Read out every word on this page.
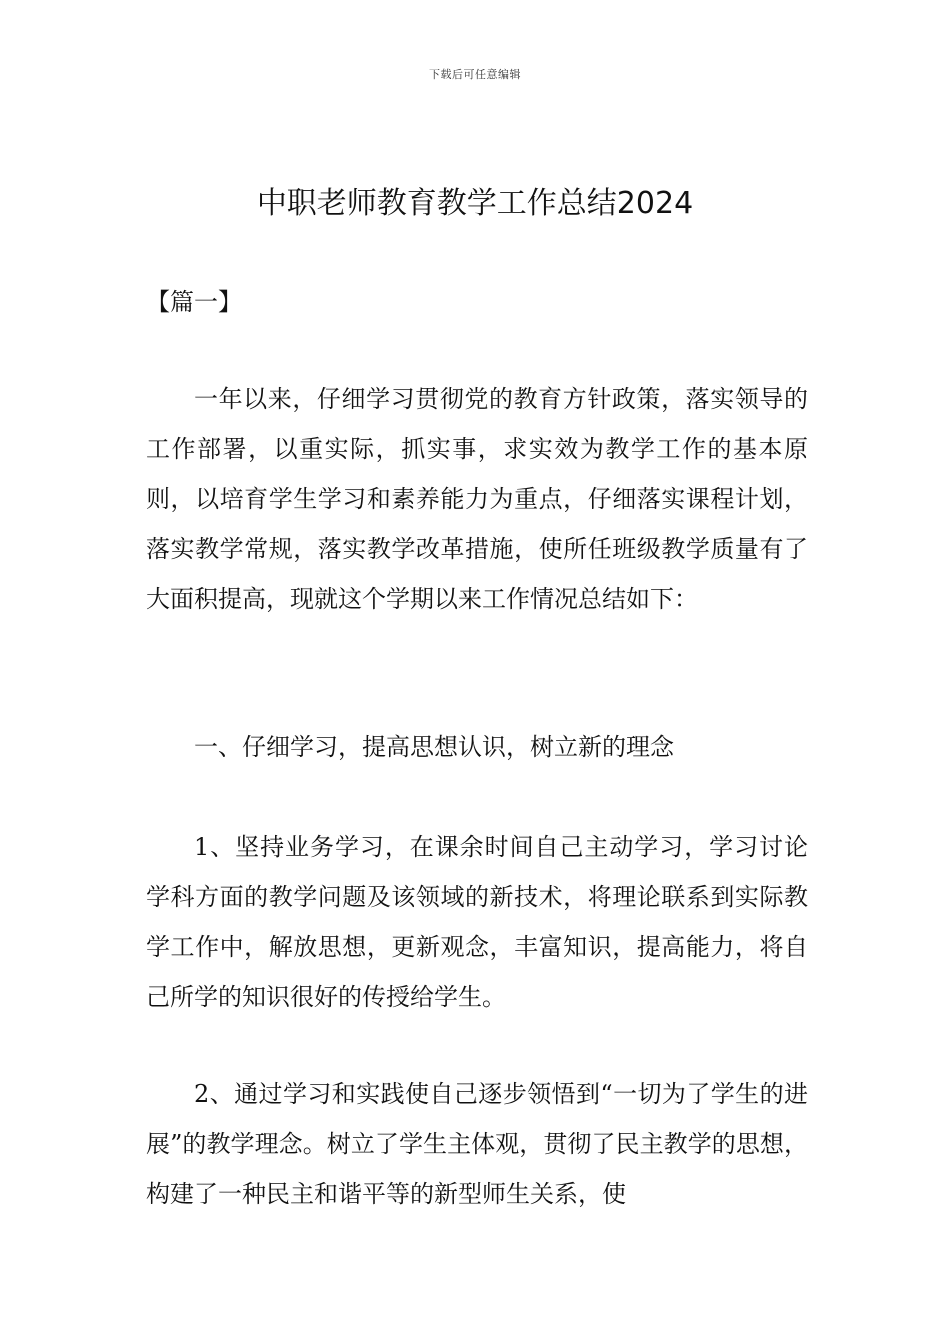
下载后可任意编辑
中职老师教育教学工作总结2024
【篇一】

一年以来，仔细学习贯彻党的教育方针政策，落实领导的工作部署，以重实际，抓实事，求实效为教学工作的基本原则，以培育学生学习和素养能力为重点，仔细落实课程计划，落实教学常规，落实教学改革措施，使所任班级教学质量有了大面积提高，现就这个学期以来工作情况总结如下：

一、仔细学习，提高思想认识，树立新的理念

1、坚持业务学习，在课余时间自己主动学习，学习讨论学科方面的教学问题及该领域的新技术，将理论联系到实际教学工作中，解放思想，更新观念，丰富知识，提高能力，将自己所学的知识很好的传授给学生。

2、通过学习和实践使自己逐步领悟到“一切为了学生的进展”的教学理念。树立了学生主体观，贯彻了民主教学的思想，构建了一种民主和谐平等的新型师生关系，使
